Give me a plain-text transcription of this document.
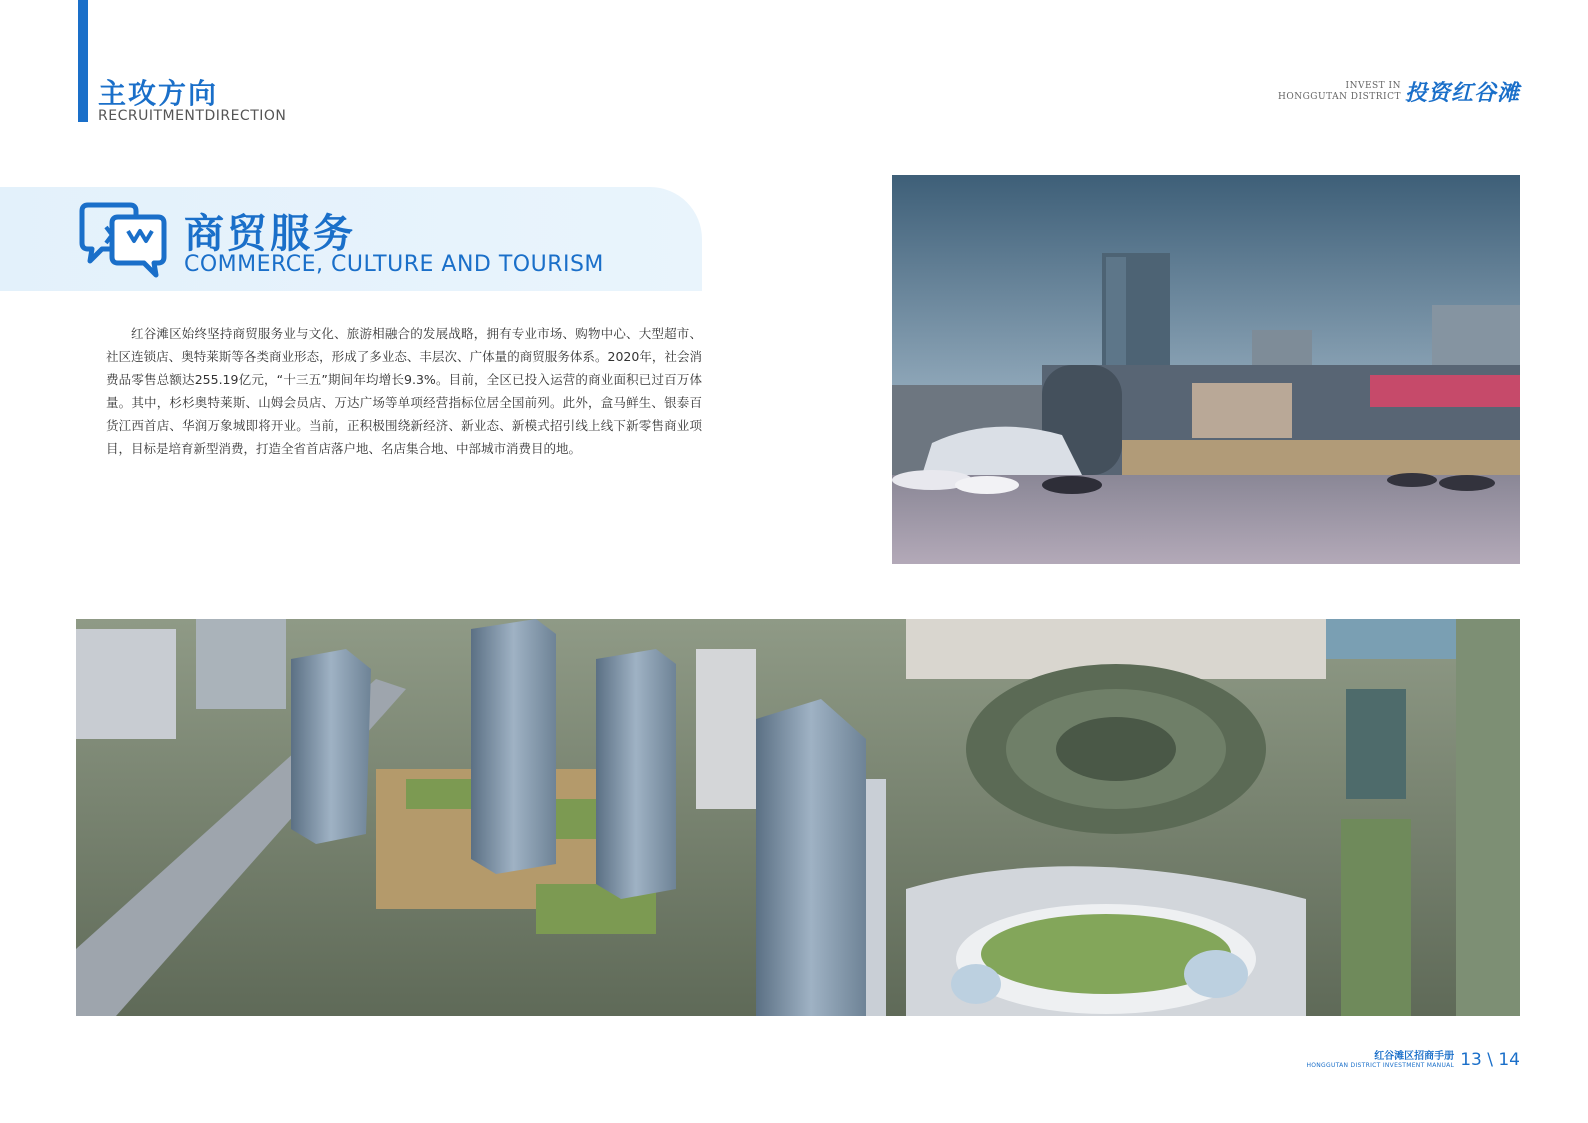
主攻方向
RECRUITMENTDIRECTION
INVEST IN
HONGGUTAN DISTRICT 投资红谷滩
商贸服务
COMMERCE, CULTURE AND TOURISM
红谷滩区始终坚持商贸服务业与文化、旅游相融合的发展战略，拥有专业市场、购物中心、大型超市、社区连锁店、奥特莱斯等各类商业形态，形成了多业态、丰层次、广体量的商贸服务体系。2020年，社会消费品零售总额达255.19亿元，“十三五”期间年均增长9.3%。目前，全区已投入运营的商业面积已过百万体量。其中，杉杉奥特莱斯、山姆会员店、万达广场等单项经营指标位居全国前列。此外，盒马鲜生、银泰百货江西首店、华润万象城即将开业。当前，正积极围绕新经济、新业态、新模式招引线上线下新零售商业项目，目标是培育新型消费，打造全省首店落户地、名店集合地、中部城市消费目的地。
红谷滩区招商手册
HONGGUTAN DISTRICT INVESTMENT MANUAL 13 \ 14
